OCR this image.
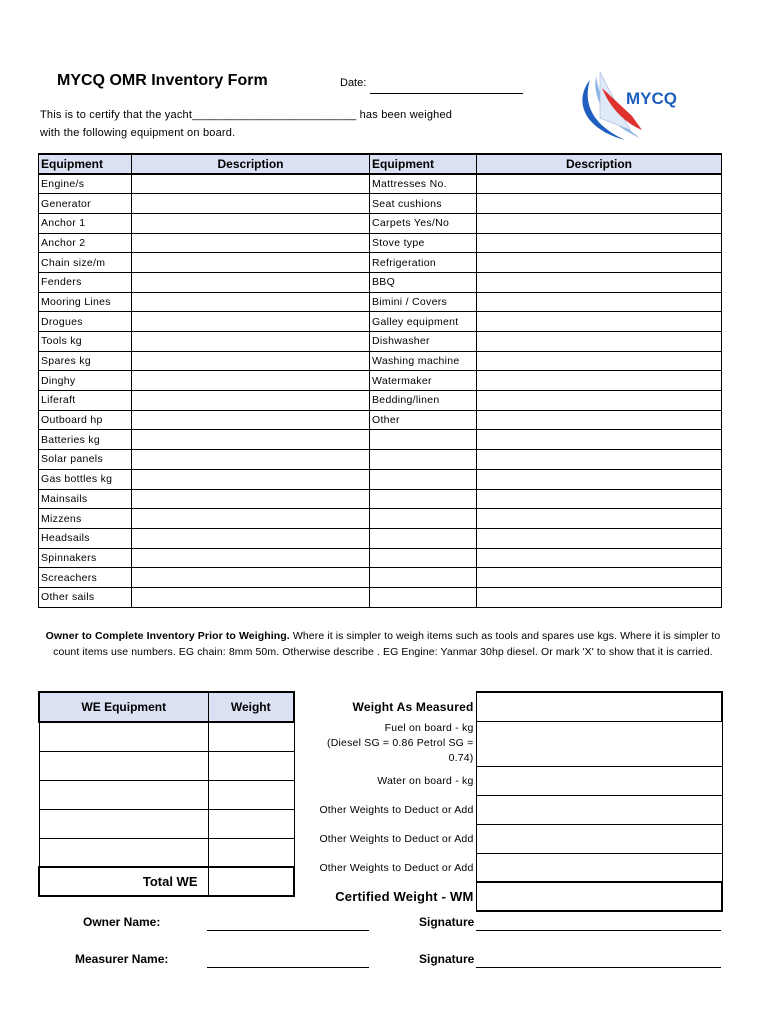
MYCQ OMR Inventory Form	Date:
This is to certify that the yacht__________________________ has been weighed
with the following equipment on board.
MYCQ
Equipment	Description	Equipment	Description
Engine/s		Mattresses No.	
Generator		Seat cushions	
Anchor 1		Carpets Yes/No	
Anchor 2		Stove type	
Chain size/m		Refrigeration	
Fenders		BBQ	
Mooring Lines		Bimini / Covers	
Drogues		Galley equipment	
Tools kg		Dishwasher	
Spares kg		Washing machine	
Dinghy		Watermaker	
Liferaft		Bedding/linen	
Outboard hp		Other	
Batteries kg			
Solar panels			
Gas bottles kg			
Mainsails			
Mizzens			
Headsails			
Spinnakers			
Screachers			
Other sails			
Owner to Complete Inventory Prior to Weighing. Where it is simpler to weigh items such as tools and spares use kgs. Where it is simpler to count items use numbers. EG chain: 8mm 50m. Otherwise describe . EG Engine: Yanmar 30hp diesel. Or mark 'X' to show that it is carried.
WE Equipment	Weight

Total WE	
Weight As Measured	

Fuel on board - kg
(Diesel SG = 0.86 Petrol SG = 0.74)	

Water on board - kg	
Other Weights to Deduct or Add	
Other Weights to Deduct or Add	
Other Weights to Deduct or Add	
Certified Weight - WM	
Owner Name:	Signature
Measurer Name:	Signature
